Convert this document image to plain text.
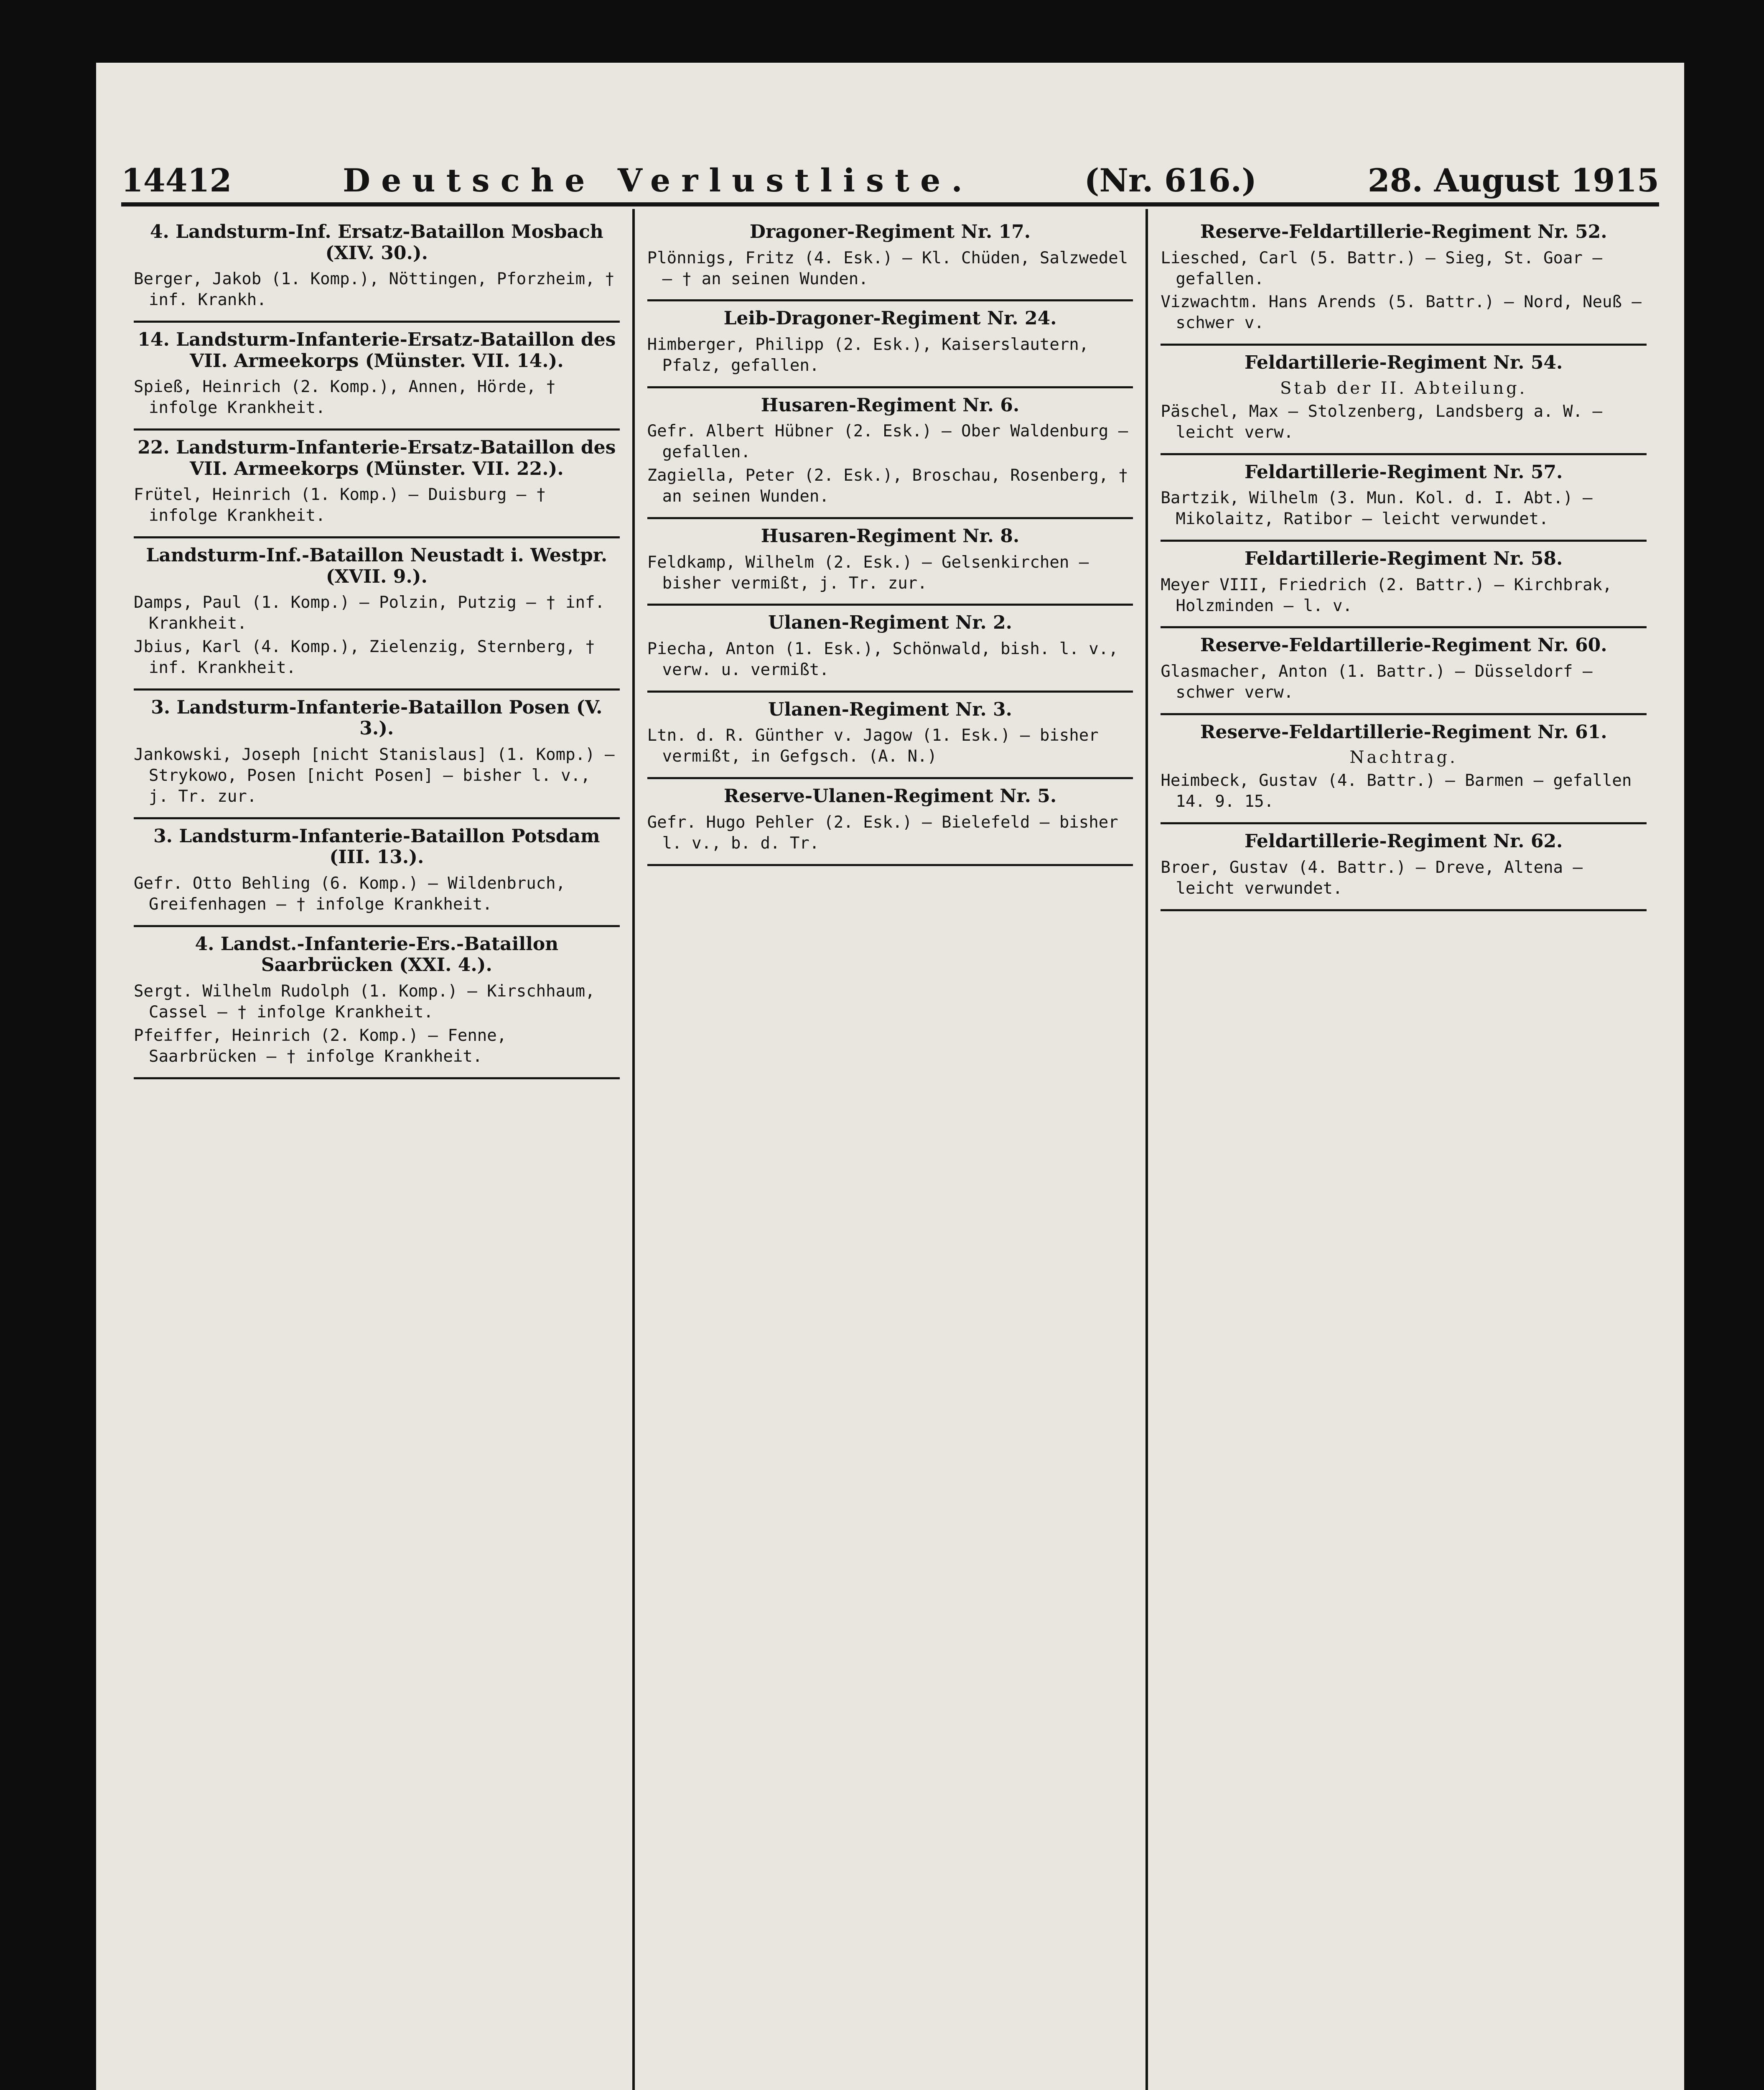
14412	Deutsche Verlustliste.	(Nr. 616.)	28. August 1915
4. Landsturm-Inf. Ersatz-Bataillon Mosbach (XIV. 30.).
Berger, Jakob (1. Komp.), Nöttingen, Pforzheim, † inf. Krankh.
14. Landsturm-Infanterie-Ersatz-Bataillon des VII. Armeekorps (Münster. VII. 14.).
Spieß, Heinrich (2. Komp.), Annen, Hörde, † infolge Krankheit.
22. Landsturm-Infanterie-Ersatz-Bataillon des VII. Armeekorps (Münster. VII. 22.).
Frütel, Heinrich (1. Komp.) — Duisburg — † infolge Krankheit.
Landsturm-Inf.-Bataillon Neustadt i. Westpr. (XVII. 9.).
Damps, Paul (1. Komp.) — Polzin, Putzig — † inf. Krankheit.
Jbius, Karl (4. Komp.), Zielenzig, Sternberg, † inf. Krankheit.
3. Landsturm-Infanterie-Bataillon Posen (V. 3.).
Jankowski, Joseph [nicht Stanislaus] (1. Komp.) — Strykowo, Posen [nicht Posen] — bisher l. v., j. Tr. zur.
3. Landsturm-Infanterie-Bataillon Potsdam (III. 13.).
Gefr. Otto Behling (6. Komp.) — Wildenbruch, Greifenhagen — † infolge Krankheit.
4. Landst.-Infanterie-Ers.-Bataillon Saarbrücken (XXI. 4.).
Sergt. Wilhelm Rudolph (1. Komp.) — Kirschhaum, Cassel — † infolge Krankheit.
Pfeiffer, Heinrich (2. Komp.) — Fenne, Saarbrücken — † infolge Krankheit.
Dragoner-Regiment Nr. 17.
Plönnigs, Fritz (4. Esk.) — Kl. Chüden, Salzwedel — † an seinen Wunden.
Leib-Dragoner-Regiment Nr. 24.
Himberger, Philipp (2. Esk.), Kaiserslautern, Pfalz, gefallen.
Husaren-Regiment Nr. 6.
Gefr. Albert Hübner (2. Esk.) — Ober Waldenburg — gefallen.
Zagiella, Peter (2. Esk.), Broschau, Rosenberg, † an seinen Wunden.
Husaren-Regiment Nr. 8.
Feldkamp, Wilhelm (2. Esk.) — Gelsenkirchen — bisher vermißt, j. Tr. zur.
Ulanen-Regiment Nr. 2.
Piecha, Anton (1. Esk.), Schönwald, bish. l. v., verw. u. vermißt.
Ulanen-Regiment Nr. 3.
Ltn. d. R. Günther v. Jagow (1. Esk.) — bisher vermißt, in Gefgsch. (A. N.)
Reserve-Ulanen-Regiment Nr. 5.
Gefr. Hugo Pehler (2. Esk.) — Bielefeld — bisher l. v., b. d. Tr.
Reserve-Feldartillerie-Regiment Nr. 52.
Liesched, Carl (5. Battr.) — Sieg, St. Goar — gefallen.
Vizwachtm. Hans Arends (5. Battr.) — Nord, Neuß — schwer v.
Feldartillerie-Regiment Nr. 54.
Stab der II. Abteilung.
Päschel, Max — Stolzenberg, Landsberg a. W. — leicht verw.
Feldartillerie-Regiment Nr. 57.
Bartzik, Wilhelm (3. Mun. Kol. d. I. Abt.) — Mikolaitz, Ratibor — leicht verwundet.
Feldartillerie-Regiment Nr. 58.
Meyer VIII, Friedrich (2. Battr.) — Kirchbrak, Holzminden — l. v.
Reserve-Feldartillerie-Regiment Nr. 60.
Glasmacher, Anton (1. Battr.) — Düsseldorf — schwer verw.
Reserve-Feldartillerie-Regiment Nr. 61.
Nachtrag.
Heimbeck, Gustav (4. Battr.) — Barmen — gefallen 14. 9. 15.
Feldartillerie-Regiment Nr. 62.
Broer, Gustav (4. Battr.) — Dreve, Altena — leicht verwundet.
